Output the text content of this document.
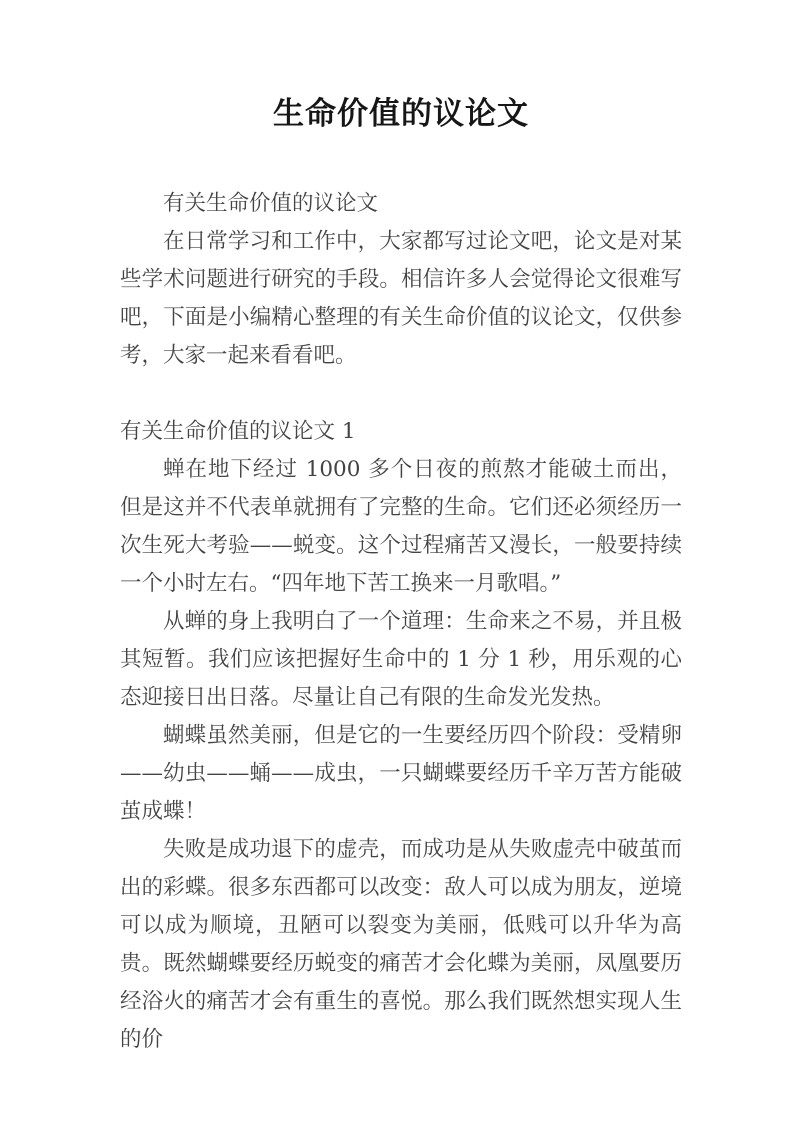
生命价值的议论文

有关生命价值的议论文

在日常学习和工作中，大家都写过论文吧，论文是对某些学术问题进行研究的手段。相信许多人会觉得论文很难写吧，下面是小编精心整理的有关生命价值的议论文，仅供参考，大家一起来看看吧。

有关生命价值的议论文 1

蝉在地下经过 1000 多个日夜的煎熬才能破土而出，但是这并不代表单就拥有了完整的生命。它们还必须经历一次生死大考验——蜕变。这个过程痛苦又漫长，一般要持续一个小时左右。“四年地下苦工换来一月歌唱。”

从蝉的身上我明白了一个道理：生命来之不易，并且极其短暂。我们应该把握好生命中的 1 分 1 秒，用乐观的心态迎接日出日落。尽量让自己有限的生命发光发热。

蝴蝶虽然美丽，但是它的一生要经历四个阶段：受精卵——幼虫——蛹——成虫，一只蝴蝶要经历千辛万苦方能破茧成蝶！

失败是成功退下的虚壳，而成功是从失败虚壳中破茧而出的彩蝶。很多东西都可以改变：敌人可以成为朋友，逆境可以成为顺境，丑陋可以裂变为美丽，低贱可以升华为高贵。既然蝴蝶要经历蜕变的痛苦才会化蝶为美丽，凤凰要历经浴火的痛苦才会有重生的喜悦。那么我们既然想实现人生的价
